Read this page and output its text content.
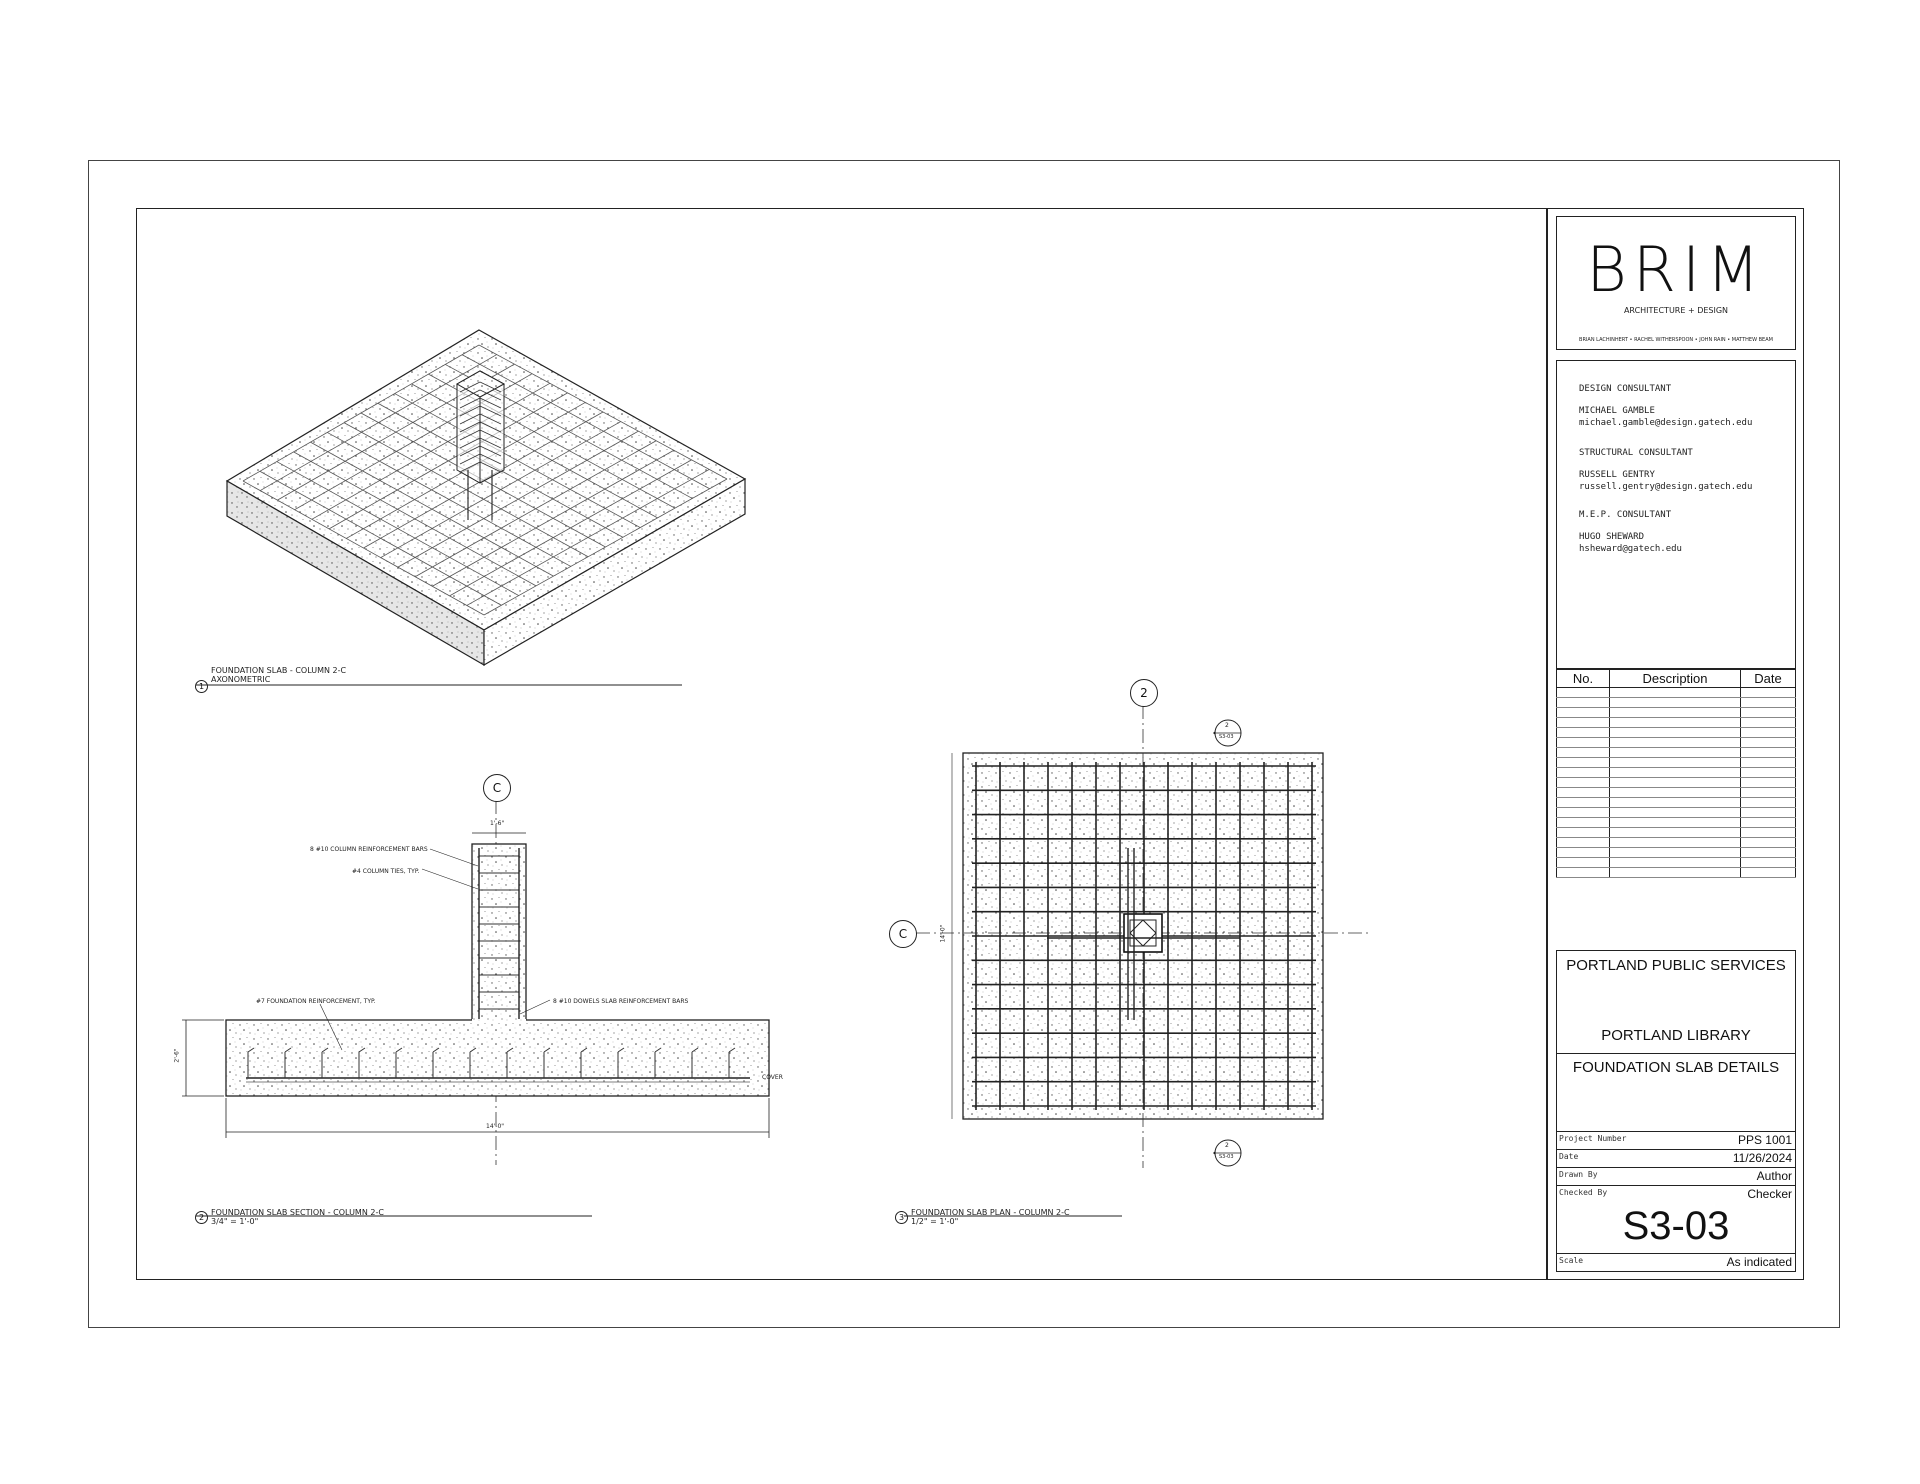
BRIM
ARCHITECTURE + DESIGN
BRIAN LACHINHERT • RACHEL WITHERSPOON • JOHN RAIN • MATTHEW BEAM
DESIGN CONSULTANT
MICHAEL GAMBLE
michael.gamble@design.gatech.edu
STRUCTURAL CONSULTANT
RUSSELL GENTRY
russell.gentry@design.gatech.edu
M.E.P. CONSULTANT
HUGO SHEWARD
hsheward@gatech.edu
No.	Description	Date

PORTLAND PUBLIC SERVICES
PORTLAND LIBRARY
FOUNDATION SLAB DETAILS
Project Number	PPS 1001
Date	11/26/2024
Drawn By	Author
Checked By	Checker
S3-03
Scale	As indicated
FOUNDATION SLAB - COLUMN 2-C
AXONOMETRIC
1
FOUNDATION SLAB SECTION - COLUMN 2-C
3/4" = 1'-0"
2
FOUNDATION SLAB PLAN - COLUMN 2-C
1/2" = 1'-0"
3
C
1'-6"
8 #10 COLUMN REINFORCEMENT BARS
#4 COLUMN TIES, TYP.
#7 FOUNDATION REINFORCEMENT, TYP.	8 #10 DOWELS SLAB REINFORCEMENT BARS
COVER
14'-0"
2'-6"
2
C	14'-0"
2
S3-03
2
S3-03
